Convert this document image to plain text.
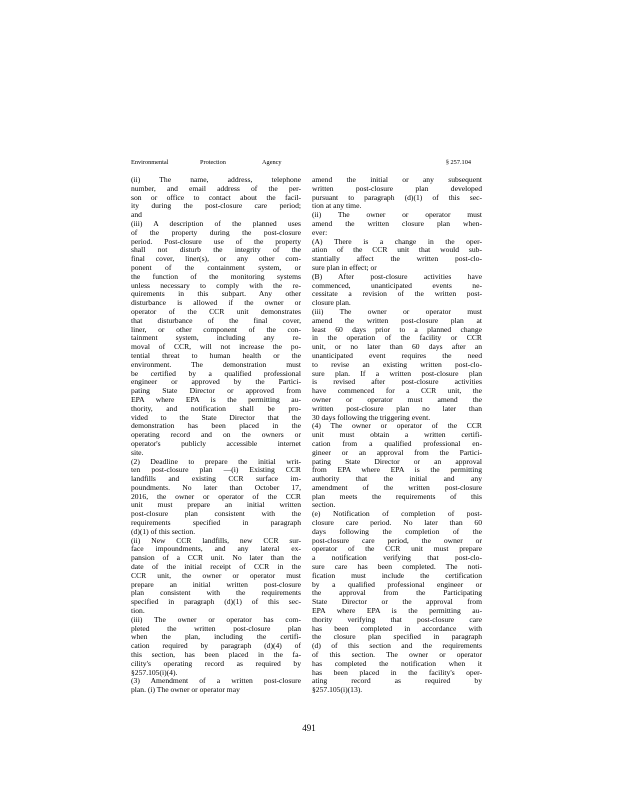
Environmental	Protection	Agency	§ 257.104

(ii) The name, address, telephone

number, and email address of the per-

son or office to contact about the facil-

ity during the post-closure care period;

and

(iii) A description of the planned uses

of the property during the post-closure

period. Post-closure use of the property

shall not disturb the integrity of the

final cover, liner(s), or any other com-

ponent of the containment system, or

the function of the monitoring systems

unless necessary to comply with the re-

quirements in this subpart. Any other

disturbance is allowed if the owner or

operator of the CCR unit demonstrates

that disturbance of the final cover,

liner, or other component of the con-

tainment system, including any re-

moval of CCR, will not increase the po-

tential threat to human health or the

environment. The demonstration must

be certified by a qualified professional

engineer or approved by the Partici-

pating State Director or approved from

EPA where EPA is the permitting au-

thority, and notification shall be pro-

vided to the State Director that the

demonstration has been placed in the

operating record and on the owners or

operator's publicly accessible internet

site.

(2) Deadline to prepare the initial writ-

ten post-closure plan —(i) Existing CCR

landfills and existing CCR surface im-

poundments. No later than October 17,

2016, the owner or operator of the CCR

unit must prepare an initial written

post-closure plan consistent with the

requirements specified in paragraph

(d)(1) of this section.

(ii) New CCR landfills, new CCR sur-

face impoundments, and any lateral ex-

pansion of a CCR unit. No later than the

date of the initial receipt of CCR in the

CCR unit, the owner or operator must

prepare an initial written post-closure

plan consistent with the requirements

specified in paragraph (d)(1) of this sec-

tion.

(iii) The owner or operator has com-

pleted the written post-closure plan

when the plan, including the certifi-

cation required by paragraph (d)(4) of

this section, has been placed in the fa-

cility's operating record as required by

§257.105(i)(4).

(3) Amendment of a written post-closure

plan. (i) The owner or operator may

amend the initial or any subsequent

written post-closure plan developed

pursuant to paragraph (d)(1) of this sec-

tion at any time.

(ii) The owner or operator must

amend the written closure plan when-

ever:

(A) There is a change in the oper-

ation of the CCR unit that would sub-

stantially affect the written post-clo-

sure plan in effect; or

(B) After post-closure activities have

commenced, unanticipated events ne-

cessitate a revision of the written post-

closure plan.

(iii) The owner or operator must

amend the written post-closure plan at

least 60 days prior to a planned change

in the operation of the facility or CCR

unit, or no later than 60 days after an

unanticipated event requires the need

to revise an existing written post-clo-

sure plan. If a written post-closure plan

is revised after post-closure activities

have commenced for a CCR unit, the

owner or operator must amend the

written post-closure plan no later than

30 days following the triggering event.

(4) The owner or operator of the CCR

unit must obtain a written certifi-

cation from a qualified professional en-

gineer or an approval from the Partici-

pating State Director or an approval

from EPA where EPA is the permitting

authority that the initial and any

amendment of the written post-closure

plan meets the requirements of this

section.

(e) Notification of completion of post-

closure care period. No later than 60

days following the completion of the

post-closure care period, the owner or

operator of the CCR unit must prepare

a notification verifying that post-clo-

sure care has been completed. The noti-

fication must include the certification

by a qualified professional engineer or

the approval from the Participating

State Director or the approval from

EPA where EPA is the permitting au-

thority verifying that post-closure care

has been completed in accordance with

the closure plan specified in paragraph

(d) of this section and the requirements

of this section. The owner or operator

has completed the notification when it

has been placed in the facility's oper-

ating record as required by

§257.105(i)(13).

491
